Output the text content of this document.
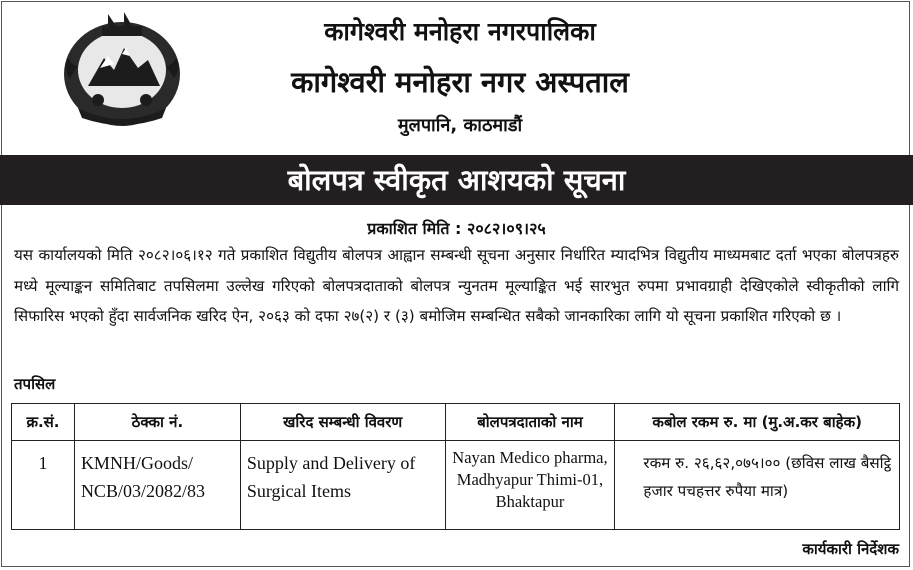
कागेश्वरी मनोहरा नगरपालिका
कागेश्वरी मनोहरा नगर अस्पताल
मुलपानि, काठमाडौं
बोलपत्र स्वीकृत आशयको सूचना
प्रकाशित मिति : २०८२।०९।२५
यस कार्यालयको मिति २०८२।०६।१२ गते प्रकाशित विद्युतीय बोलपत्र आह्वान सम्बन्धी सूचना अनुसार निर्धारित म्यादभित्र विद्युतीय माध्यमबाट दर्ता भएका बोलपत्रहरु मध्ये मूल्याङ्कन समितिबाट तपसिलमा उल्लेख गरिएको बोलपत्रदाताको बोलपत्र न्युनतम मूल्याङ्कित भई सारभुत रुपमा प्रभावग्राही देखिएकोले स्वीकृतीको लागि सिफारिस भएको हुँदा सार्वजनिक खरिद ऐन, २०६३ को दफा २७(२) र (३) बमोजिम सम्बन्धित सबैको जानकारिका लागि यो सूचना प्रकाशित गरिएको छ ।
तपसिल
क्र.सं.	ठेक्का नं.	खरिद सम्बन्धी विवरण	बोलपत्रदाताको नाम	कबोल रकम रु. मा (मु.अ.कर बाहेक)
1	KMNH/Goods/ NCB/03/2082/83	Supply and Delivery of Surgical Items	Nayan Medico pharma, Madhyapur Thimi-01, Bhaktapur	रकम रु. २६,६२,०७५।०० (छविस लाख बैसट्ठि हजार पचहत्तर रुपैया मात्र)
कार्यकारी निर्देशक
